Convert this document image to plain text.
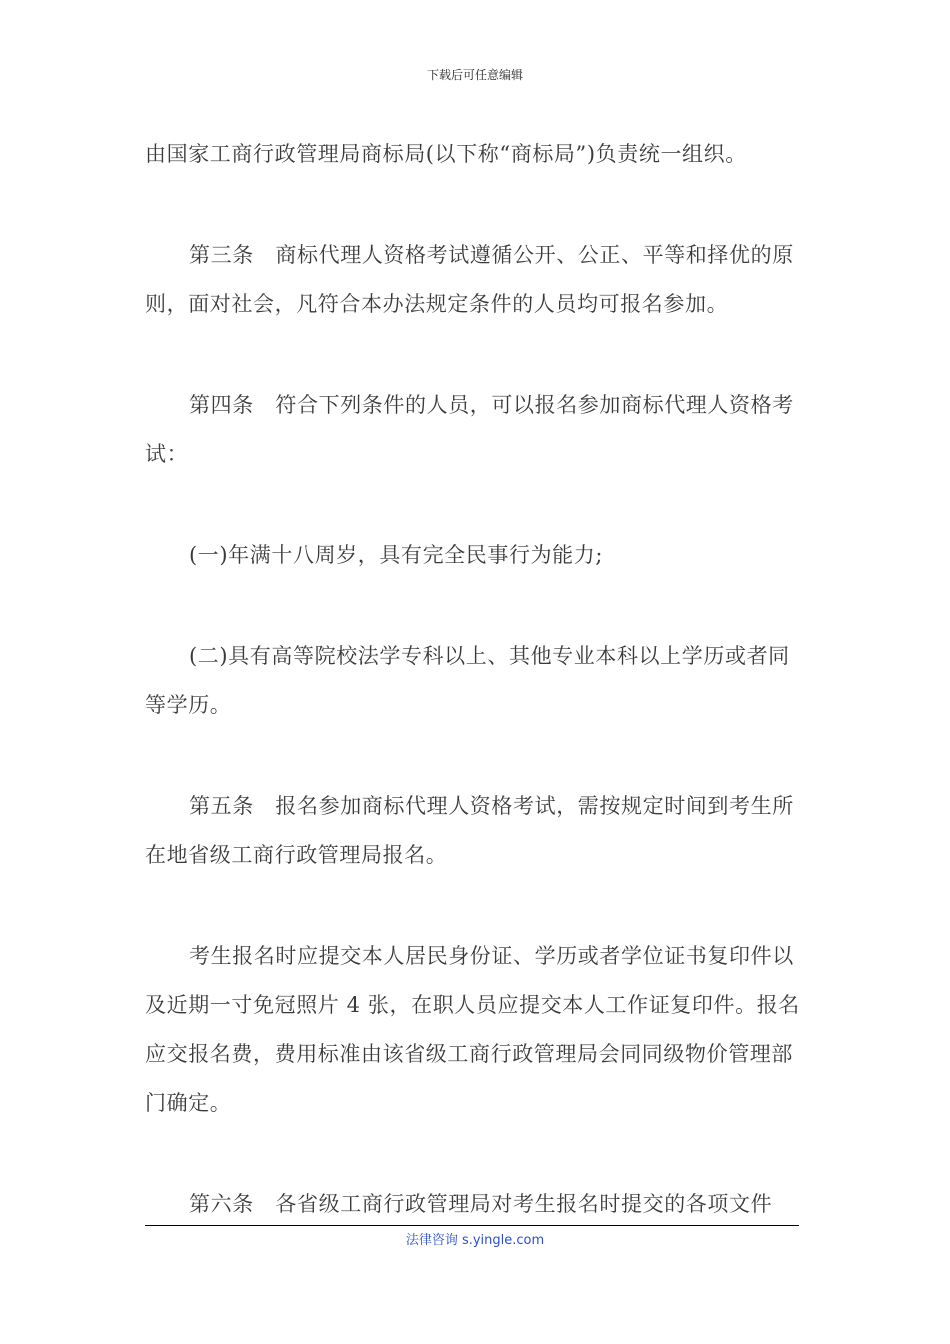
下载后可任意编辑

由国家工商行政管理局商标局(以下称“商标局”)负责统一组织。

第三条　商标代理人资格考试遵循公开、公正、平等和择优的原则，面对社会，凡符合本办法规定条件的人员均可报名参加。

第四条　符合下列条件的人员，可以报名参加商标代理人资格考试：

(一)年满十八周岁，具有完全民事行为能力;

(二)具有高等院校法学专科以上、其他专业本科以上学历或者同等学历。

第五条　报名参加商标代理人资格考试，需按规定时间到考生所在地省级工商行政管理局报名。

考生报名时应提交本人居民身份证、学历或者学位证书复印件以及近期一寸免冠照片 4 张，在职人员应提交本人工作证复印件。报名应交报名费，费用标准由该省级工商行政管理局会同同级物价管理部门确定。

第六条　各省级工商行政管理局对考生报名时提交的各项文件

法律咨询 s.yingle.com
